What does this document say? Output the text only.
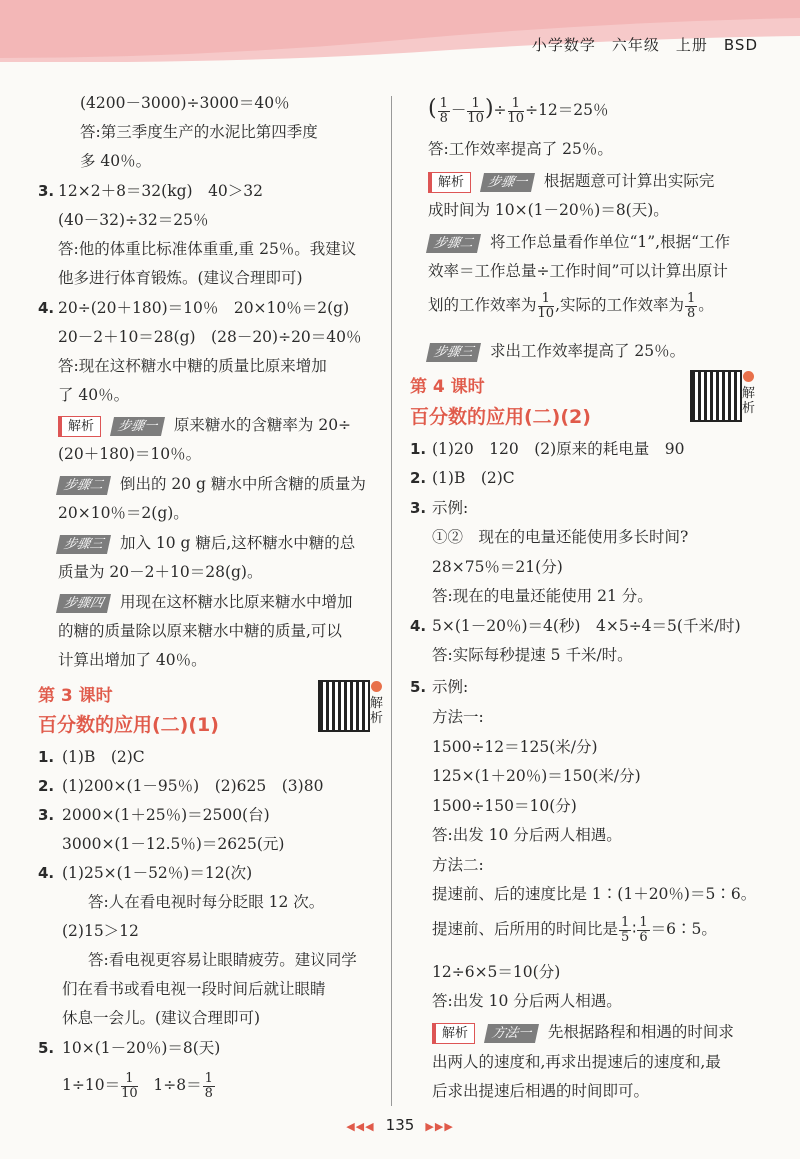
小学数学　六年级　上册　BSD
(4200－3000)÷3000＝40％
答:第三季度生产的水泥比第四季度
多 40％。
3. 12×2＋8＝32(kg)　40＞32
(40－32)÷32＝25％
答:他的体重比标准体重重,重 25％。我建议
他多进行体育锻炼。(建议合理即可)
4. 20÷(20＋180)＝10％　20×10％＝2(g)
20－2＋10＝28(g)　(28－20)÷20＝40％
答:现在这杯糖水中糖的质量比原来增加
了 40％。
解析 步骤一 原来糖水的含糖率为 20÷
(20＋180)＝10％。
步骤二 倒出的 20 g 糖水中所含糖的质量为
20×10％＝2(g)。
步骤三 加入 10 g 糖后,这杯糖水中糖的总
质量为 20－2＋10＝28(g)。
步骤四 用现在这杯糖水比原来糖水中增加
的糖的质量除以原来糖水中糖的质量,可以
计算出增加了 40％。
第 3 课时
百分数的应用(二)(1)
解析
1. (1)B　(2)C
2. (1)200×(1－95％)　(2)625　(3)80
3. 2000×(1＋25％)＝2500(台)
3000×(1－12.5％)＝2625(元)
4. (1)25×(1－52％)＝12(次)
答:人在看电视时每分眨眼 12 次。
(2)15＞12
答:看电视更容易让眼睛疲劳。建议同学
们在看书或看电视一段时间后就让眼睛
休息一会儿。(建议合理即可)
5. 10×(1－20％)＝8(天)
$1\div 10= \frac{1}{10} 1\div 8= \frac{1}{8}$
( $\frac{1}{8} - \frac{1}{10}$ )÷ $\frac{1}{10} \div 12=25$％
答:工作效率提高了 25％。
解析 步骤一 根据题意可计算出实际完
成时间为 10×(1－20％)＝8(天)。
步骤二 将工作总量看作单位“1”,根据“工作
效率＝工作总量÷工作时间”可以计算出原计
划的工作效率为 $\frac{1}{10}$ ,实际的工作效率为 $\frac{1}{8}$ 。
步骤三 求出工作效率提高了 25％。
第 4 课时
百分数的应用(二)(2)
解析
1. (1)20　120　(2)原来的耗电量　90
2. (1)B　(2)C
3. 示例:
①②　现在的电量还能使用多长时间?
28×75％＝21(分)
答:现在的电量还能使用 21 分。
4. 5×(1－20％)＝4(秒)　4×5÷4＝5(千米/时)
答:实际每秒提速 5 千米/时。
5. 示例:
方法一:
1500÷12＝125(米/分)
125×(1＋20％)＝150(米/分)
1500÷150＝10(分)
答:出发 10 分后两人相遇。
方法二:
提速前、后的速度比是 1∶(1＋20％)＝5∶6。
提速前、后所用的时间比是 $\frac{1}{5}$ ∶ $\frac{1}{6}$ ＝6∶5。
12÷6×5＝10(分)
答:出发 10 分后两人相遇。
解析 方法一 先根据路程和相遇的时间求
出两人的速度和,再求出提速后的速度和,最
后求出提速后相遇的时间即可。
◀◀◀ 135 ▶▶▶
